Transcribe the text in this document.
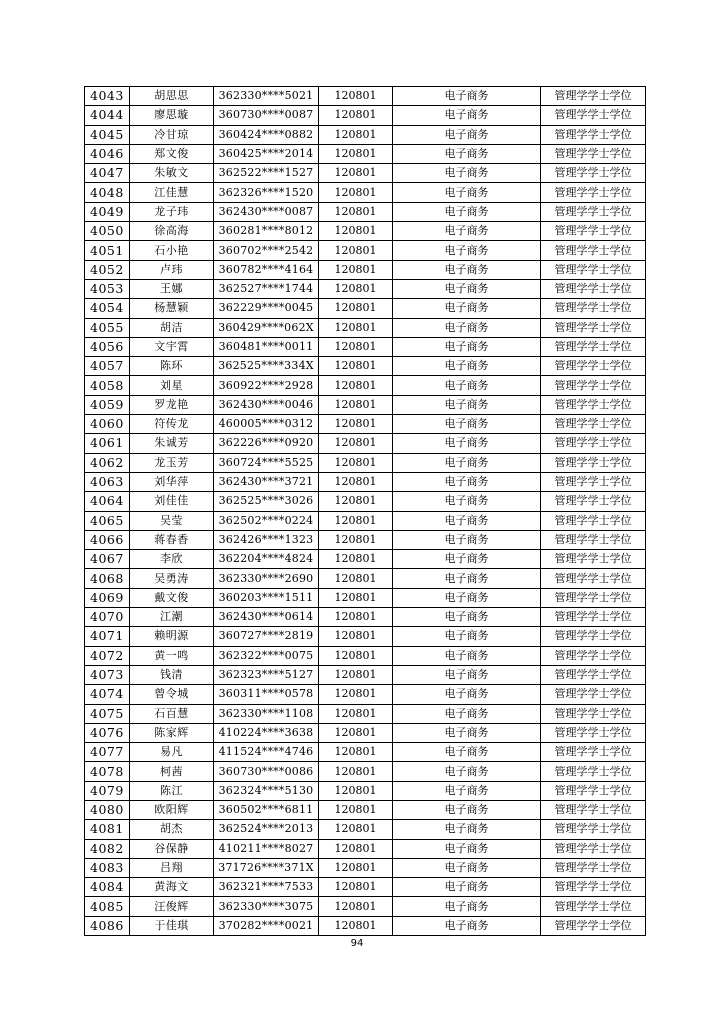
4043	胡思思	362330****5021	120801	电子商务	管理学学士学位
4044	廖思璇	360730****0087	120801	电子商务	管理学学士学位
4045	冷甘琼	360424****0882	120801	电子商务	管理学学士学位
4046	郑文俊	360425****2014	120801	电子商务	管理学学士学位
4047	朱敏文	362522****1527	120801	电子商务	管理学学士学位
4048	江佳慧	362326****1520	120801	电子商务	管理学学士学位
4049	龙子玮	362430****0087	120801	电子商务	管理学学士学位
4050	徐高海	360281****8012	120801	电子商务	管理学学士学位
4051	石小艳	360702****2542	120801	电子商务	管理学学士学位
4052	卢玮	360782****4164	120801	电子商务	管理学学士学位
4053	王娜	362527****1744	120801	电子商务	管理学学士学位
4054	杨慧颖	362229****0045	120801	电子商务	管理学学士学位
4055	胡洁	360429****062X	120801	电子商务	管理学学士学位
4056	文宇霄	360481****0011	120801	电子商务	管理学学士学位
4057	陈环	362525****334X	120801	电子商务	管理学学士学位
4058	刘星	360922****2928	120801	电子商务	管理学学士学位
4059	罗龙艳	362430****0046	120801	电子商务	管理学学士学位
4060	符传龙	460005****0312	120801	电子商务	管理学学士学位
4061	朱诚芳	362226****0920	120801	电子商务	管理学学士学位
4062	龙玉芳	360724****5525	120801	电子商务	管理学学士学位
4063	刘华萍	362430****3721	120801	电子商务	管理学学士学位
4064	刘佳佳	362525****3026	120801	电子商务	管理学学士学位
4065	吴莹	362502****0224	120801	电子商务	管理学学士学位
4066	蒋春香	362426****1323	120801	电子商务	管理学学士学位
4067	李欣	362204****4824	120801	电子商务	管理学学士学位
4068	吴勇涛	362330****2690	120801	电子商务	管理学学士学位
4069	戴文俊	360203****1511	120801	电子商务	管理学学士学位
4070	江潮	362430****0614	120801	电子商务	管理学学士学位
4071	赖明源	360727****2819	120801	电子商务	管理学学士学位
4072	黄一鸣	362322****0075	120801	电子商务	管理学学士学位
4073	钱清	362323****5127	120801	电子商务	管理学学士学位
4074	曾令城	360311****0578	120801	电子商务	管理学学士学位
4075	石百慧	362330****1108	120801	电子商务	管理学学士学位
4076	陈家辉	410224****3638	120801	电子商务	管理学学士学位
4077	易凡	411524****4746	120801	电子商务	管理学学士学位
4078	柯茜	360730****0086	120801	电子商务	管理学学士学位
4079	陈江	362324****5130	120801	电子商务	管理学学士学位
4080	欧阳辉	360502****6811	120801	电子商务	管理学学士学位
4081	胡杰	362524****2013	120801	电子商务	管理学学士学位
4082	谷保静	410211****8027	120801	电子商务	管理学学士学位
4083	吕翔	371726****371X	120801	电子商务	管理学学士学位
4084	黄海文	362321****7533	120801	电子商务	管理学学士学位
4085	汪俊辉	362330****3075	120801	电子商务	管理学学士学位
4086	于佳琪	370282****0021	120801	电子商务	管理学学士学位
94
